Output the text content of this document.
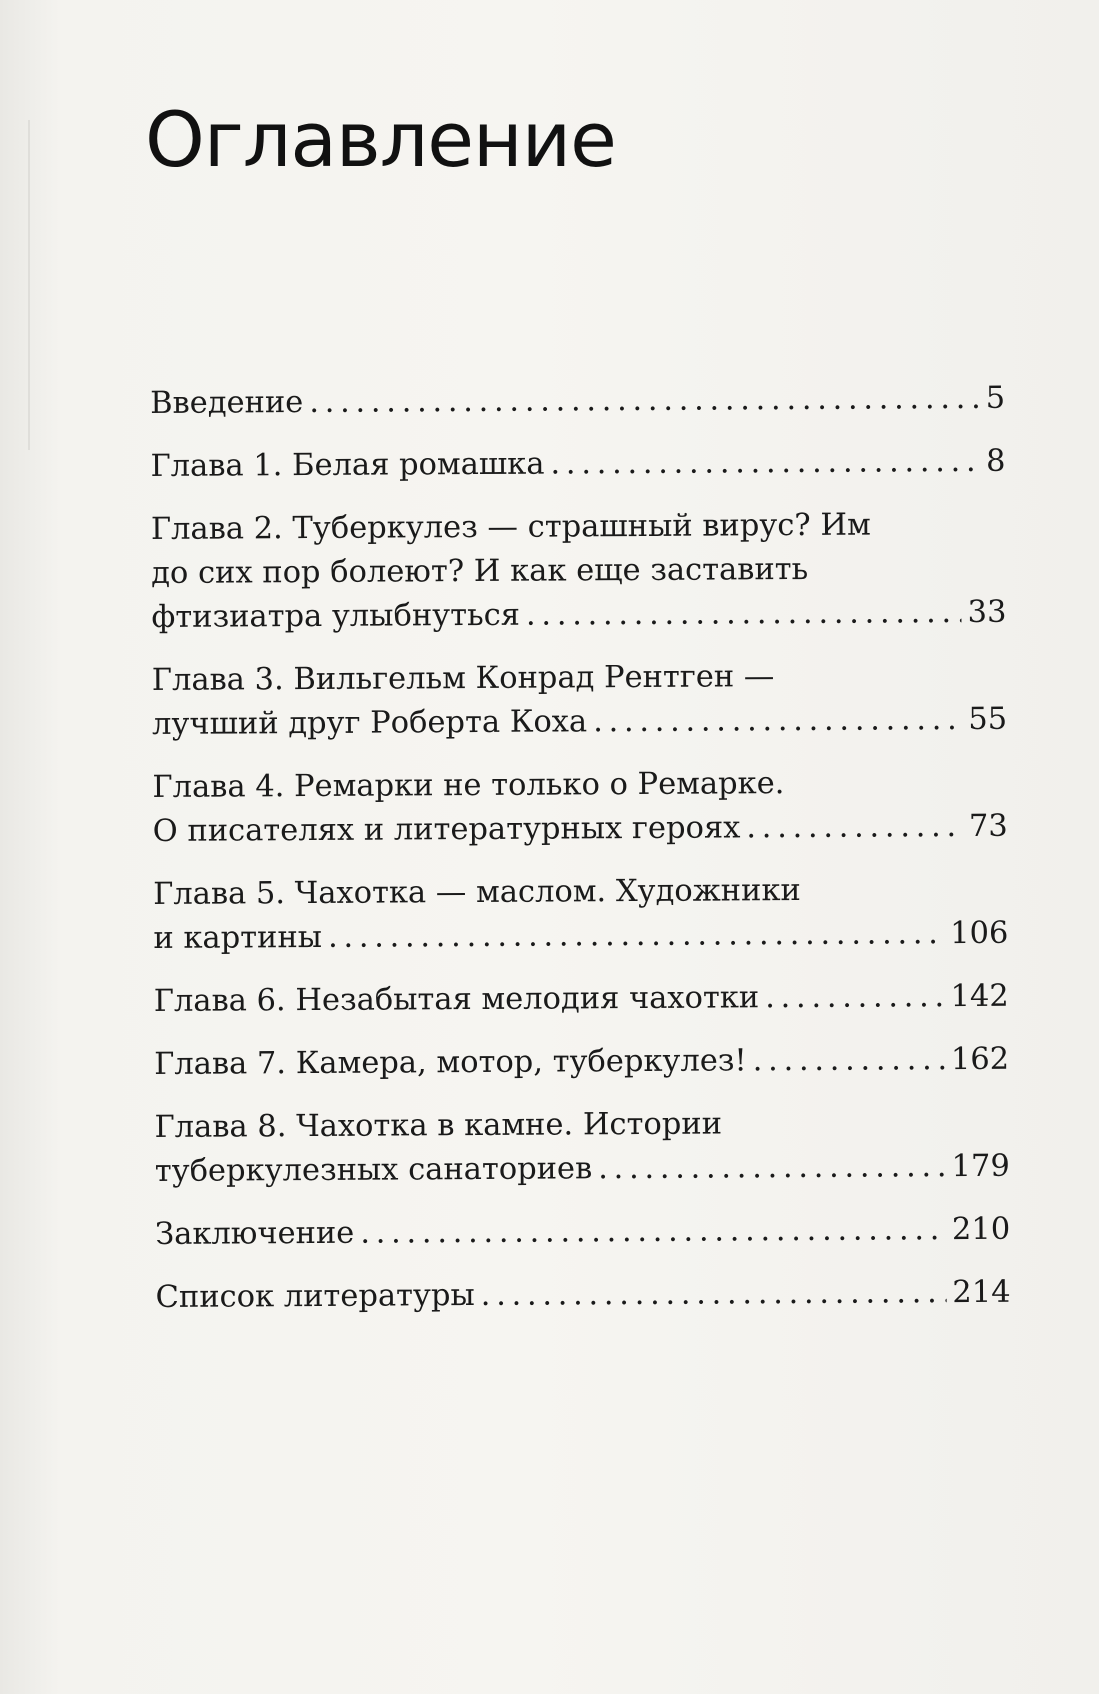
Оглавление
Введение . . .	5
Глава 1. Белая ромашка . . .	8
Глава 2. Туберкулез — страшный вирус? Им
до сих пор болеют? И как еще заставить
фтизиатра улыбнуться . . .	33
Глава 3. Вильгельм Конрад Рентген —
лучший друг Роберта Коха . . .	55
Глава 4. Ремарки не только о Ремарке.
О писателях и литературных героях . . .	73
Глава 5. Чахотка — маслом. Художники
и картины . . .	106
Глава 6. Незабытая мелодия чахотки . . .	142
Глава 7. Камера, мотор, туберкулез! . . .	162
Глава 8. Чахотка в камне. Истории
туберкулезных санаториев . . .	179
Заключение . . .	210
Список литературы . . .	214
